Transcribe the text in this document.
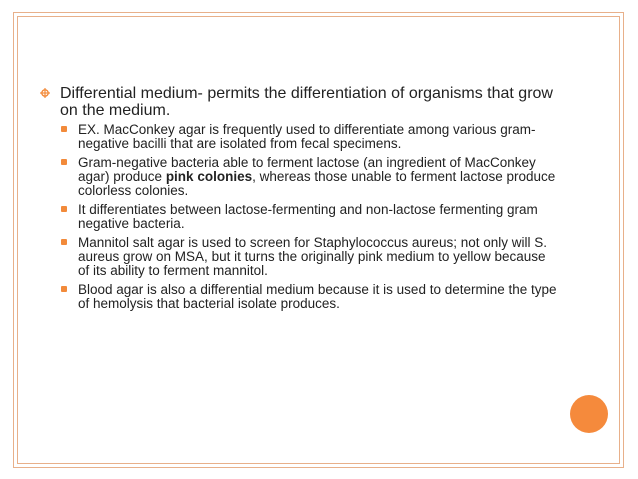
Differential medium- permits the differentiation of organisms that grow on the medium.
EX. MacConkey agar is frequently used to differentiate among various gram-negative bacilli that are isolated from fecal specimens.
Gram-negative bacteria able to ferment lactose (an ingredient of MacConkey agar) produce pink colonies, whereas those unable to ferment lactose produce colorless colonies.
It differentiates between lactose-fermenting and non-lactose fermenting gram negative bacteria.
Mannitol salt agar is used to screen for Staphylococcus aureus; not only will S. aureus grow on MSA, but it turns the originally pink medium to yellow because of its ability to ferment mannitol.
Blood agar is also a differential medium because it is used to determine the type of hemolysis that bacterial isolate produces.
